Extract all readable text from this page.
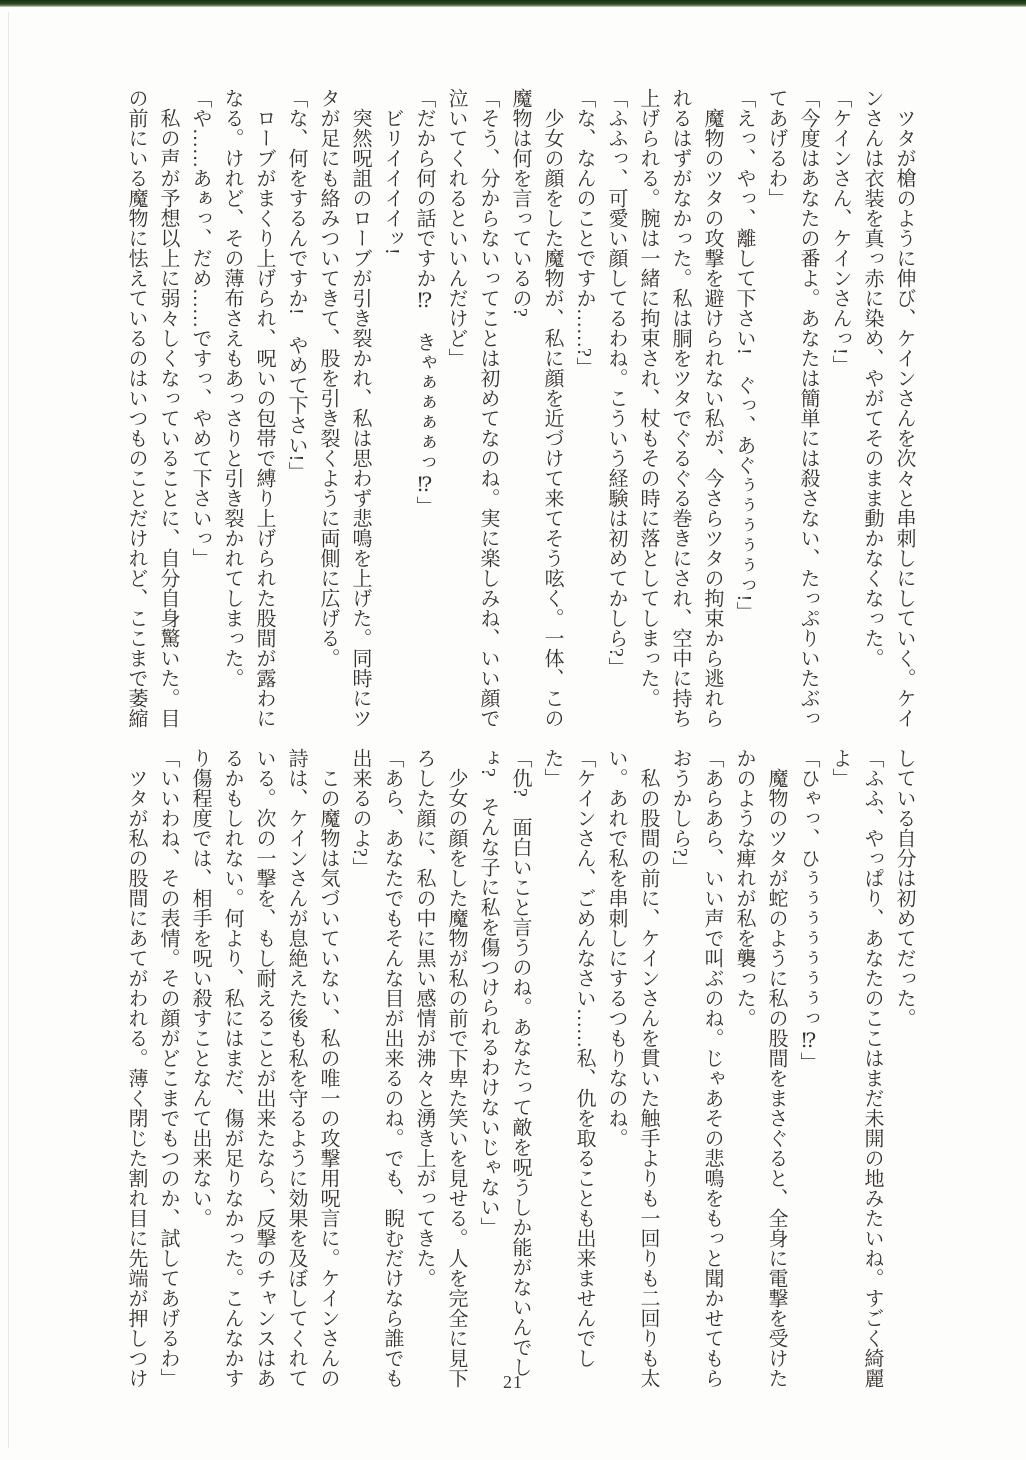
ツタが槍のように伸び、ケインさんを次々と串刺しにしていく。ケイ

ンさんは衣装を真っ赤に染め、やがてそのまま動かなくなった。

「ケインさん、ケインさんっ!」

「今度はあなたの番よ。あなたは簡単には殺さない、たっぷりいたぶっ

てあげるわ」

「えっ、やっ、離して下さい!　ぐっ、あぐぅぅぅぅぅっ!」

魔物のツタの攻撃を避けられない私が、今さらツタの拘束から逃れら

れるはずがなかった。私は胴をツタでぐるぐる巻きにされ、空中に持ち

上げられる。腕は一緒に拘束され、杖もその時に落としてしまった。

「ふふっ、可愛い顔してるわね。こういう経験は初めてかしら?」

「な、なんのことですか……?」

少女の顔をした魔物が、私に顔を近づけて来てそう呟く。一体、この

魔物は何を言っているの?

「そう、分からないってことは初めてなのね。実に楽しみね、いい顔で

泣いてくれるといいんだけど」

「だから何の話ですか⁉　きゃぁぁぁぁっ⁉」

ビリイイイイッ!

突然呪詛のローブが引き裂かれ、私は思わず悲鳴を上げた。同時にツ

タが足にも絡みついてきて、股を引き裂くように両側に広げる。

「な、何をするんですか!　やめて下さい!」

ローブがまくり上げられ、呪いの包帯で縛り上げられた股間が露わに

なる。けれど、その薄布さえもあっさりと引き裂かれてしまった。

「や……あぁっ、だめ……ですっ、やめて下さいっ」

私の声が予想以上に弱々しくなっていることに、自分自身驚いた。目

の前にいる魔物に怯えているのはいつものことだけれど、ここまで萎縮

している自分は初めてだった。

「ふふ、やっぱり、あなたのここはまだ未開の地みたいね。すごく綺麗

よ」

「ひゃっ、ひぅぅぅぅぅぅぅっ⁉」

魔物のツタが蛇のように私の股間をまさぐると、全身に電撃を受けた

かのような痺れが私を襲った。

「あらあら、いい声で叫ぶのね。じゃあその悲鳴をもっと聞かせてもら

おうかしら?」

私の股間の前に、ケインさんを貫いた触手よりも一回りも二回りも太

い。あれで私を串刺しにするつもりなのね。

「ケインさん、ごめんなさい……私、仇を取ることも出来ませんでし

た」

「仇?　面白いこと言うのね。あなたって敵を呪うしか能がないんでし

ょ?　そんな子に私を傷つけられるわけないじゃない」

少女の顔をした魔物が私の前で下卑た笑いを見せる。人を完全に見下

ろした顔に、私の中に黒い感情が沸々と湧き上がってきた。

「あら、あなたでもそんな目が出来るのね。でも、睨むだけなら誰でも

出来るのよ?」

この魔物は気づいていない、私の唯一の攻撃用呪言に。ケインさんの

詩は、ケインさんが息絶えた後も私を守るように効果を及ぼしてくれて

いる。次の一撃を、もし耐えることが出来たなら、反撃のチャンスはあ

るかもしれない。何より、私にはまだ、傷が足りなかった。こんなかす

り傷程度では、相手を呪い殺すことなんて出来ない。

「いいわね、その表情。その顔がどこまでもつのか、試してあげるわ」

ツタが私の股間にあてがわれる。薄く閉じた割れ目に先端が押しつけ	21
